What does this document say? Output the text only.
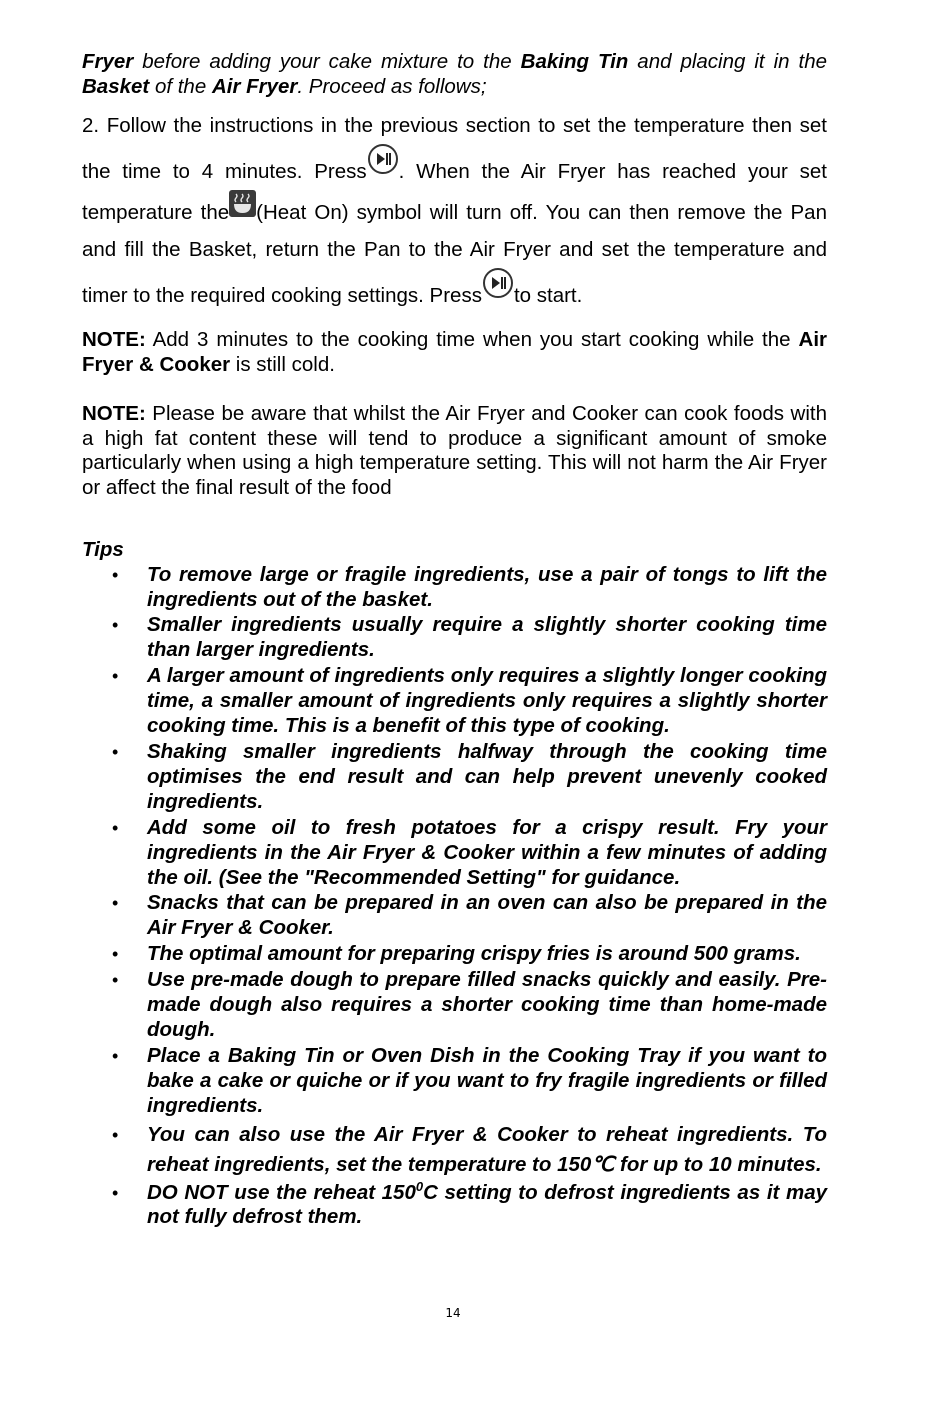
Fryer before adding your cake mixture to the Baking Tin and placing it in the Basket of the Air Fryer. Proceed as follows;

2. Follow the instructions in the previous section to set the temperature then set the time to 4 minutes. Press . When the Air Fryer has reached your set temperature the (Heat On) symbol will turn off. You can then remove the Pan and fill the Basket, return the Pan to the Air Fryer and set the temperature and timer to the required cooking settings. Press to start.

NOTE: Add 3 minutes to the cooking time when you start cooking while the Air Fryer & Cooker is still cold.

NOTE: Please be aware that whilst the Air Fryer and Cooker can cook foods with a high fat content these will tend to produce a significant amount of smoke particularly when using a high temperature setting. This will not harm the Air Fryer or affect the final result of the food

Tips
• To remove large or fragile ingredients, use a pair of tongs to lift the ingredients out of the basket.
• Smaller ingredients usually require a slightly shorter cooking time than larger ingredients.
• A larger amount of ingredients only requires a slightly longer cooking time, a smaller amount of ingredients only requires a slightly shorter cooking time. This is a benefit of this type of cooking.
• Shaking smaller ingredients halfway through the cooking time optimises the end result and can help prevent unevenly cooked ingredients.
• Add some oil to fresh potatoes for a crispy result. Fry your ingredients in the Air Fryer & Cooker within a few minutes of adding the oil. (See the "Recommended Setting" for guidance.
• Snacks that can be prepared in an oven can also be prepared in the Air Fryer & Cooker.
• The optimal amount for preparing crispy fries is around 500 grams.
• Use pre-made dough to prepare filled snacks quickly and easily. Pre-made dough also requires a shorter cooking time than home-made dough.
• Place a Baking Tin or Oven Dish in the Cooking Tray if you want to bake a cake or quiche or if you want to fry fragile ingredients or filled ingredients.
• You can also use the Air Fryer & Cooker to reheat ingredients. To reheat ingredients, set the temperature to 150℃ for up to 10 minutes.
• DO NOT use the reheat $150^0C$ setting to defrost ingredients as it may not fully defrost them.
14
